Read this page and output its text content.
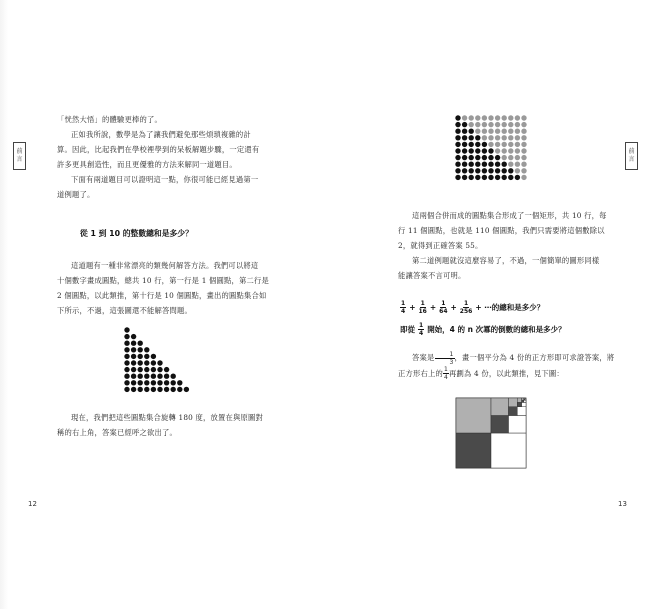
前
言

「恍然大悟」的體驗更棒的了。

正如我所說，數學是為了讓我們避免那些煩瑣複雜的計

算。因此，比起我們在學校裡學到的呆板解題步驟，一定還有

許多更具創造性，而且更優雅的方法來解同一道題目。

下面有兩道題目可以證明這一點，你很可能已經見過第一

道例題了。

從 1 到 10 的整數總和是多少？

這道題有一種非常漂亮的類幾何解答方法。我們可以將這

十個數字畫成圓點，總共 10 行，第一行是 1 個圓點，第二行是

2 個圓點，以此類推，第十行是 10 個圓點，畫出的圓點集合如

下所示，不過，這張圖還不能解答問題。

現在，我們把這些圓點集合旋轉 180 度，放置在與原圖對

稱的右上角，答案已經呼之欲出了。

12
前
言

這兩個合併而成的圓點集合形成了一個矩形，共 10 行，每

行 11 個圓點，也就是 110 個圓點，我們只需要將這個數除以

2，就得到正確答案 55。

第二道例題就沒這麼容易了，不過，一個簡單的圖形同樣

能讓答案不言可明。

$\frac{1}{4} + \frac{1}{16} + \frac{1}{64} + \frac{1}{256}$ + ⋯的總和是多少？
即從 $\frac{1}{4}$ 開始，4 的 n 次冪的倒數的總和是多少？

答案是 $\frac{1}{3}$ ，畫一個平分為 4 份的正方形即可求證答案，將

正方形右上的 $\frac{1}{4}$ 再劃為 4 份，以此類推，見下圖：

13
